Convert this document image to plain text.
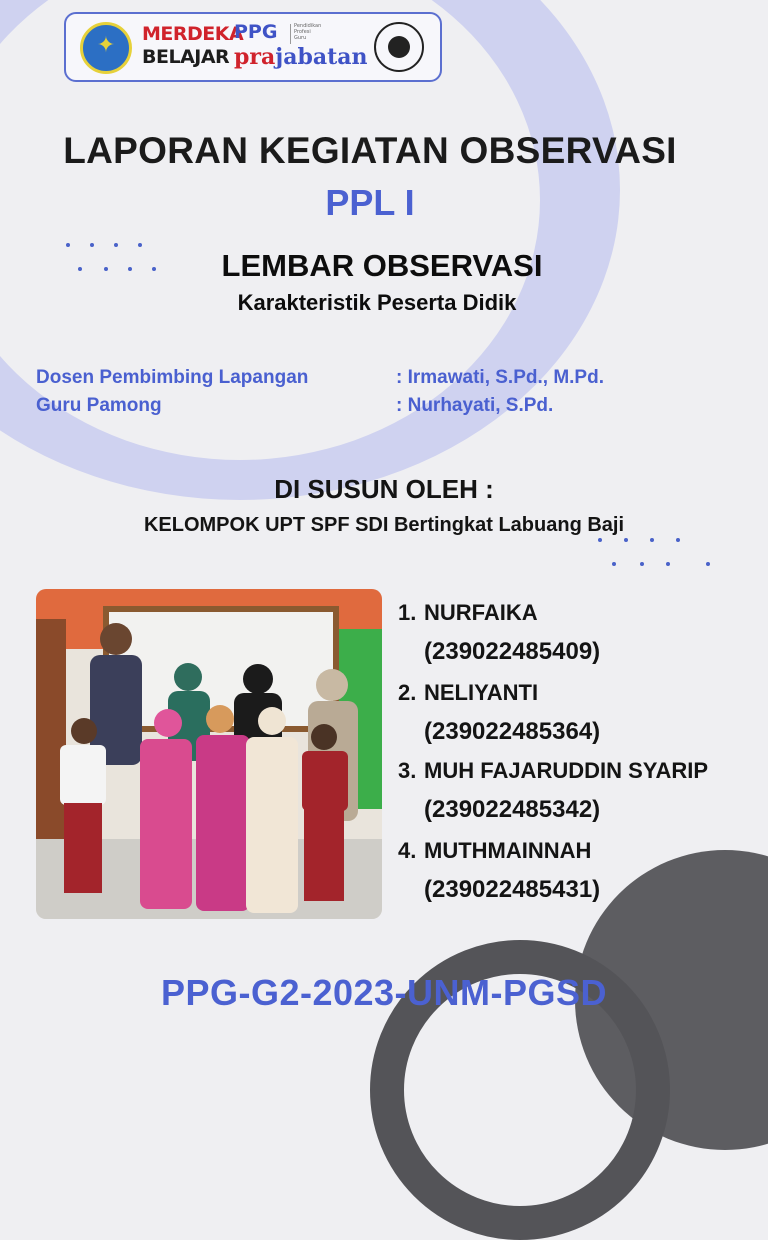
✦ MERDEKA
BELAJAR
PPG	Pendidikan
Profesi
Guru
prajabatan
LAPORAN KEGIATAN OBSERVASI
PPL I
LEMBAR OBSERVASI
Karakteristik Peserta Didik
Dosen Pembimbing Lapangan	: Irmawati, S.Pd., M.Pd.
Guru Pamong	: Nurhayati, S.Pd.
DI SUSUN OLEH :
KELOMPOK UPT SPF SDI Bertingkat Labuang Baji
1. NURFAIKA
(239022485409)
2. NELIYANTI
(239022485364)
3. MUH FAJARUDDIN SYARIP
(239022485342)
4. MUTHMAINNAH
(239022485431)
PPG-G2-2023-UNM-PGSD
